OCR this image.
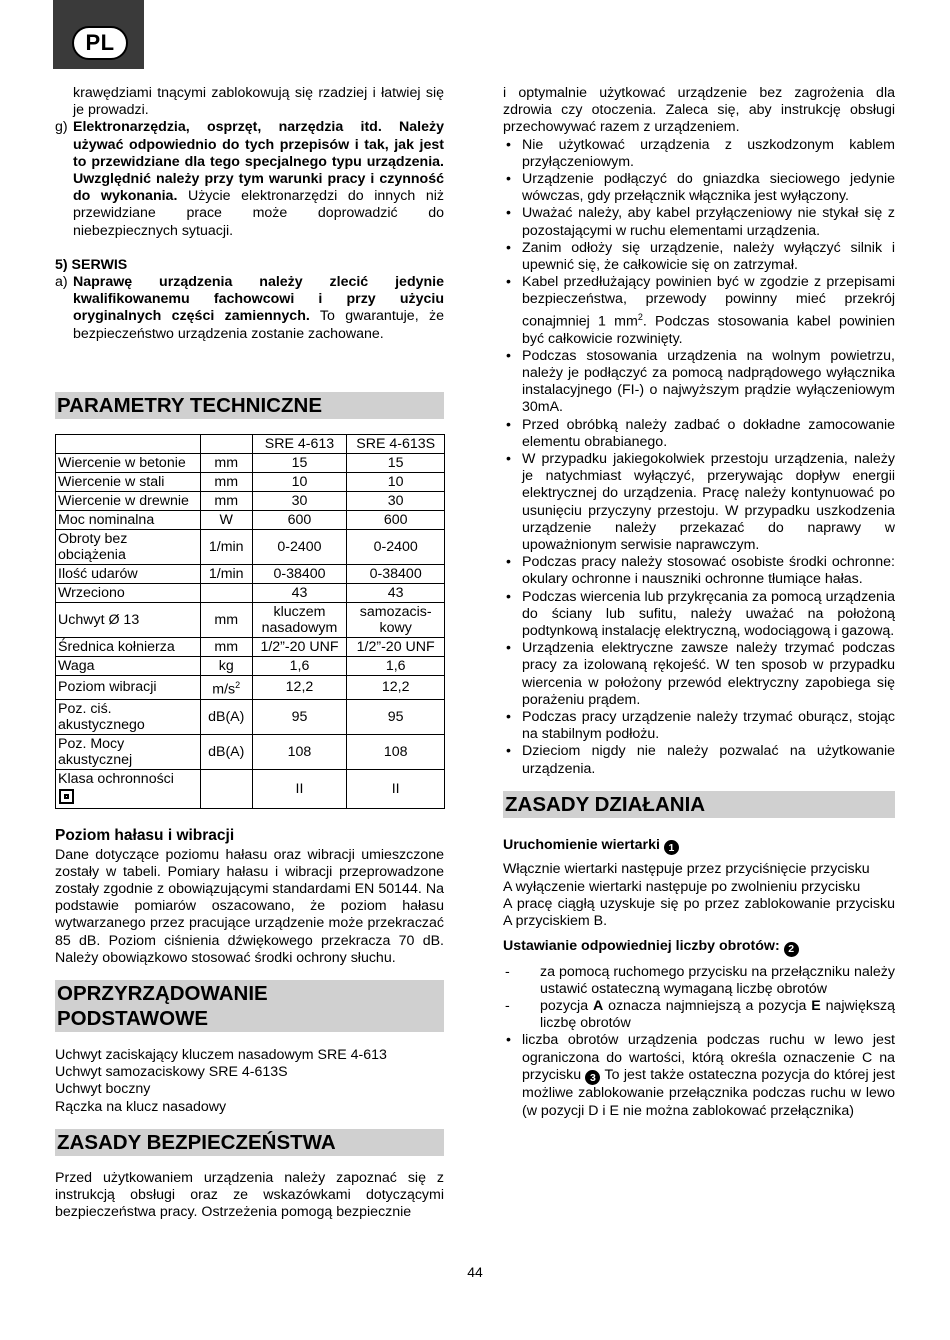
PL
krawędziami tnącymi zablokowują się rzadziej i łatwiej się je prowadzi.
g) Elektronarzędzia, osprzęt, narzędzia itd. Należy używać odpowiednio do tych przepisów i tak, jak jest to przewidziane dla tego specjalnego typu urządzenia. Uwzględnić należy przy tym warunki pracy i czynność do wykonania. Użycie elektronarzędzi do innych niż przewidziane prace może doprowadzić do niebezpiecznych sytuacji.
5) SERWIS
a) Naprawę urządzenia należy zlecić jedynie kwalifikowanemu fachowcowi i przy użyciu oryginalnych części zamiennych. To gwarantuje, że bezpieczeństwo urządzenia zostanie zachowane.
PARAMETRY TECHNICZNE
		SRE 4-613	SRE 4-613S
Wiercenie w betonie	mm	15	15
Wiercenie w stali	mm	10	10
Wiercenie w drewnie	mm	30	30
Moc nominalna	W	600	600
Obroty bez obciążenia	1/min	0-2400	0-2400
Ilość udarów	1/min	0-38400	0-38400
Wrzeciono		43	43
Uchwyt Ø 13	mm	kluczem nasadowym	samozacis-kowy
Średnica kołnierza	mm	1/2”-20 UNF	1/2”-20 UNF
Waga	kg	1,6	1,6
Poziom wibracji	$m/s^2$	12,2	12,2
Poz. ciś. akustycznego	dB(A)	95	95
Poz. Mocy akustycznej	dB(A)	108	108

Klasa ochronności		II	II
Poziom hałasu i wibracji

Dane dotyczące poziomu hałasu oraz wibracji umieszczone zostały w tabeli. Pomiary hałasu i wibracji przeprowadzone zostały zgodnie z obowiązującymi standardami EN 50144. Na podstawie pomiarów oszacowano, że poziom hałasu wytwarzanego przez pracujące urządzenie może przekraczać 85 dB. Poziom ciśnienia dźwiękowego przekracza 70 dB. Należy obowiązkowo stosować środki ochrony słuchu.

OPRZYRZĄDOWANIE
PODSTAWOWE
Uchwyt zaciskający kluczem nasadowym SRE 4-613
Uchwyt samozaciskowy SRE 4-613S
Uchwyt boczny
Rączka na klucz nasadowy
ZASADY BEZPIECZEŃSTWA

Przed użytkowaniem urządzenia należy zapoznać się z instrukcją obsługi oraz ze wskazówkami dotyczącymi bezpieczeństwa pracy. Ostrzeżenia pomogą bezpiecznie

i optymalnie użytkować urządzenie bez zagrożenia dla zdrowia czy otoczenia. Zaleca się, aby instrukcję obsługi przechowywać razem z urządzeniem.

• Nie użytkować urządzenia z uszkodzonym kablem przyłączeniowym.
• Urządzenie podłączyć do gniazdka sieciowego jedynie wówczas, gdy przełącznik włącznika jest wyłączony.
• Uważać należy, aby kabel przyłączeniowy nie stykał się z pozostającymi w ruchu elementami urządzenia.
• Zanim odłoży się urządzenie, należy wyłączyć silnik i upewnić się, że całkowicie się on zatrzymał.
• Kabel przedłużający powinien być w zgodzie z przepisami bezpieczeństwa, przewody powinny mieć przekrój conajmniej 1 $mm^2$. Podczas stosowania kabel powinien być całkowicie rozwinięty.
• Podczas stosowania urządzenia na wolnym powietrzu, należy je podłączyć za pomocą nadprądowego wyłącznika instalacyjnego (FI-) o najwyższym prądzie wyłączeniowym 30mA.
• Przed obróbką należy zadbać o dokładne zamocowanie elementu obrabianego.
• W przypadku jakiegokolwiek przestoju urządzenia, należy je natychmiast wyłączyć, przerywając dopływ energii elektrycznej do urządzenia. Pracę należy kontynuować po usunięciu przyczyny przestoju. W przypadku uszkodzenia urządzenie należy przekazać do naprawy w upoważnionym serwisie naprawczym.
• Podczas pracy należy stosować osobiste środki ochronne: okulary ochronne i nauszniki ochronne tłumiące hałas.
• Podczas wiercenia lub przykręcania za pomocą urządzenia do ściany lub sufitu, należy uważać na położoną podtynkową instalację elektryczną, wodociągową i gazową.
• Urządzenia elektryczne zawsze należy trzymać podczas pracy za izolowaną rękojeść. W ten sposob w przypadku wiercenia w położony przewód elektryczny zapobiega się porażeniu prądem.
• Podczas pracy urządzenie należy trzymać oburącz, stojąc na stabilnym podłożu.
• Dzieciom nigdy nie należy pozwalać na użytkowanie urządzenia.
ZASADY DZIAŁANIA
Uruchomienie wiertarki 1

Włącznie wiertarki następuje przez przyciśnięcie przycisku

A wyłączenie wiertarki następuje po zwolnieniu przycisku

A pracę ciągłą uzyskuje się po przez zablokowanie przycisku A przyciskiem B.

Ustawianie odpowiedniej liczby obrotów: 2
-	za pomocą ruchomego przycisku na przełączniku należy ustawić ostateczną wymaganą liczbę obrotów
-	pozycja A oznacza najmniejszą a pozycja E największą liczbę obrotów
• liczba obrotów urządzenia podczas ruchu w lewo jest ograniczona do wartości, którą określa oznaczenie C na przycisku 3 To jest także ostateczna pozycja do której jest możliwe zablokowanie przełącznika podczas ruchu w lewo (w pozycji D i E nie można zablokować przełącznika)
44
